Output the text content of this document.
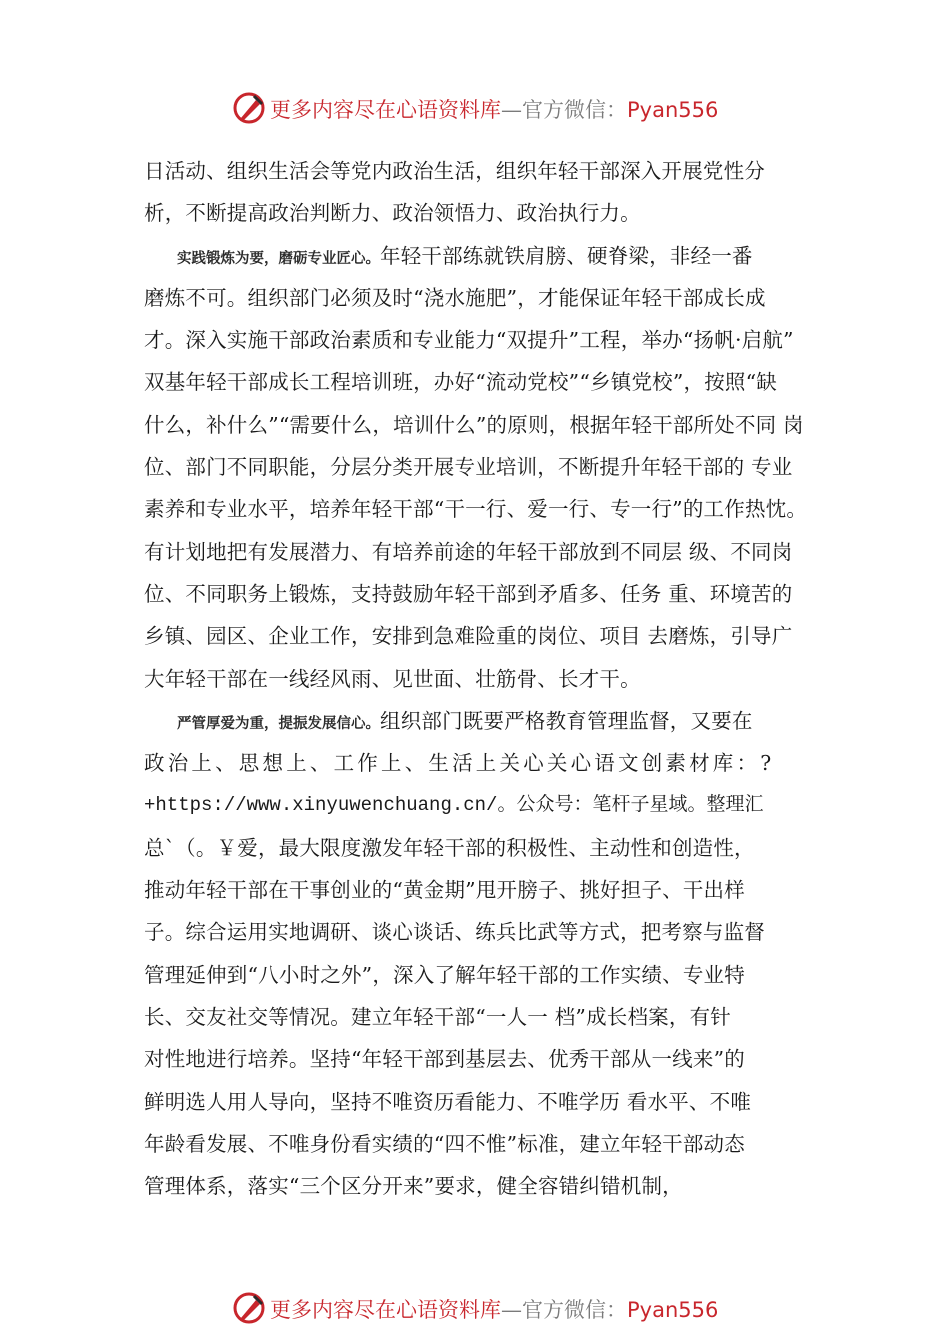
更多内容尽在心语资料库—官方微信：Pyan556
日活动、组织生活会等党内政治生活，组织年轻干部深入开展党性分
析，不断提高政治判断力、政治领悟力、政治执行力。
实践锻炼为要，磨砺专业匠心。年轻干部练就铁肩膀、硬脊梁，非经一番
磨炼不可。组织部门必须及时“浇水施肥”，才能保证年轻干部成长成
才。深入实施干部政治素质和专业能力“双提升”工程，举办“扬帆·启航”
双基年轻干部成长工程培训班，办好“流动党校”“乡镇党校”，按照“缺
什么，补什么”“需要什么，培训什么”的原则，根据年轻干部所处不同 岗
位、部门不同职能，分层分类开展专业培训，不断提升年轻干部的 专业
素养和专业水平，培养年轻干部“干一行、爱一行、专一行”的工作热忱。
有计划地把有发展潜力、有培养前途的年轻干部放到不同层 级、不同岗
位、不同职务上锻炼，支持鼓励年轻干部到矛盾多、任务 重、环境苦的
乡镇、园区、企业工作，安排到急难险重的岗位、项目 去磨炼，引导广
大年轻干部在一线经风雨、见世面、壮筋骨、长才干。
严管厚爱为重，提振发展信心。组织部门既要严格教育管理监督，又要在
政治上、思想上、工作上、生活上关心关心语文创素材库：?
+https://www.xinyuwenchuang.cn/。公众号：笔杆子星域。整理汇
总`（。￥爱，最大限度激发年轻干部的积极性、主动性和创造性，
推动年轻干部在干事创业的“黄金期”甩开膀子、挑好担子、干出样
子。综合运用实地调研、谈心谈话、练兵比武等方式，把考察与监督
管理延伸到“八小时之外”，深入了解年轻干部的工作实绩、专业特
长、交友社交等情况。建立年轻干部“一人一 档”成长档案，有针
对性地进行培养。坚持“年轻干部到基层去、优秀干部从一线来”的
鲜明选人用人导向，坚持不唯资历看能力、不唯学历 看水平、不唯
年龄看发展、不唯身份看实绩的“四不惟”标准，建立年轻干部动态
管理体系，落实“三个区分开来”要求，健全容错纠错机制，
更多内容尽在心语资料库—官方微信：Pyan556
